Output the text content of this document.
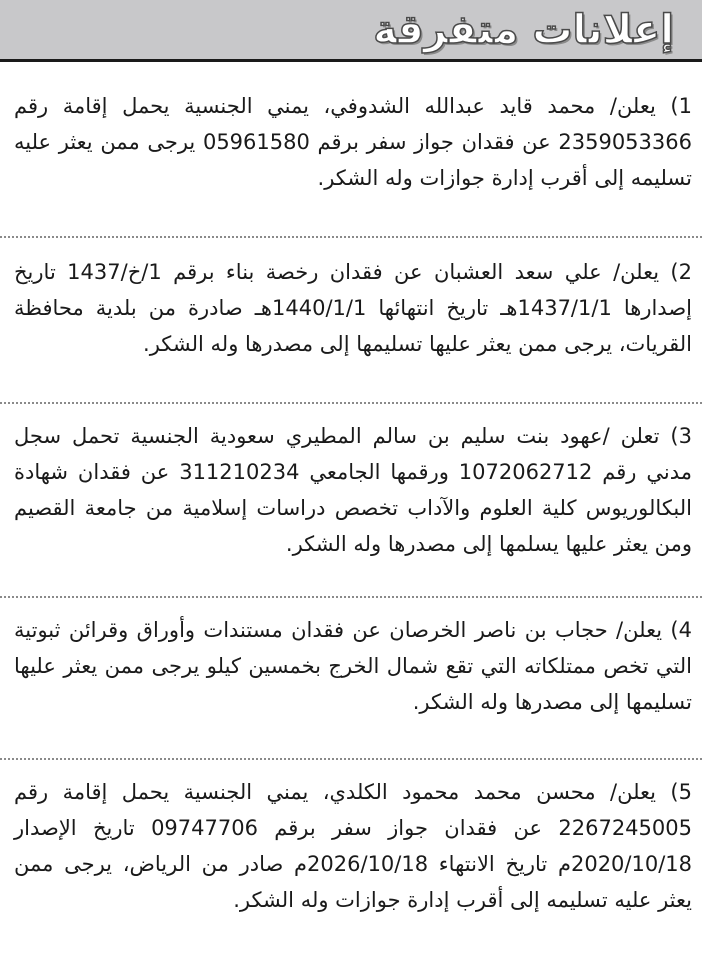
إعلانات متفرقة

1) يعلن/ محمد قايد عبدالله الشدوفي، يمني الجنسية يحمل إقامة رقم 2359053366 عن فقدان جواز سفر برقم 05961580 يرجى ممن يعثر عليه تسليمه إلى أقرب إدارة جوازات وله الشكر.

2) يعلن/ علي سعد العشبان عن فقدان رخصة بناء برقم 1/خ/1437 تاريخ إصدارها 1437/1/1هـ تاريخ انتهائها 1440/1/1هـ صادرة من بلدية محافظة القريات، يرجى ممن يعثر عليها تسليمها إلى مصدرها وله الشكر.

3) تعلن /عهود بنت سليم بن سالم المطيري سعودية الجنسية تحمل سجل مدني رقم 1072062712 ورقمها الجامعي 311210234 عن فقدان شهادة البكالوريوس كلية العلوم والآداب تخصص دراسات إسلامية من جامعة القصيم ومن يعثر عليها يسلمها إلى مصدرها وله الشكر.

4) يعلن/ حجاب بن ناصر الخرصان عن فقدان مستندات وأوراق وقرائن ثبوتية التي تخص ممتلكاته التي تقع شمال الخرج بخمسين كيلو يرجى ممن يعثر عليها تسليمها إلى مصدرها وله الشكر.

5) يعلن/ محسن محمد محمود الكلدي، يمني الجنسية يحمل إقامة رقم 2267245005 عن فقدان جواز سفر برقم 09747706 تاريخ الإصدار 2020/10/18م تاريخ الانتهاء 2026/10/18م صادر من الرياض، يرجى ممن يعثر عليه تسليمه إلى أقرب إدارة جوازات وله الشكر.
